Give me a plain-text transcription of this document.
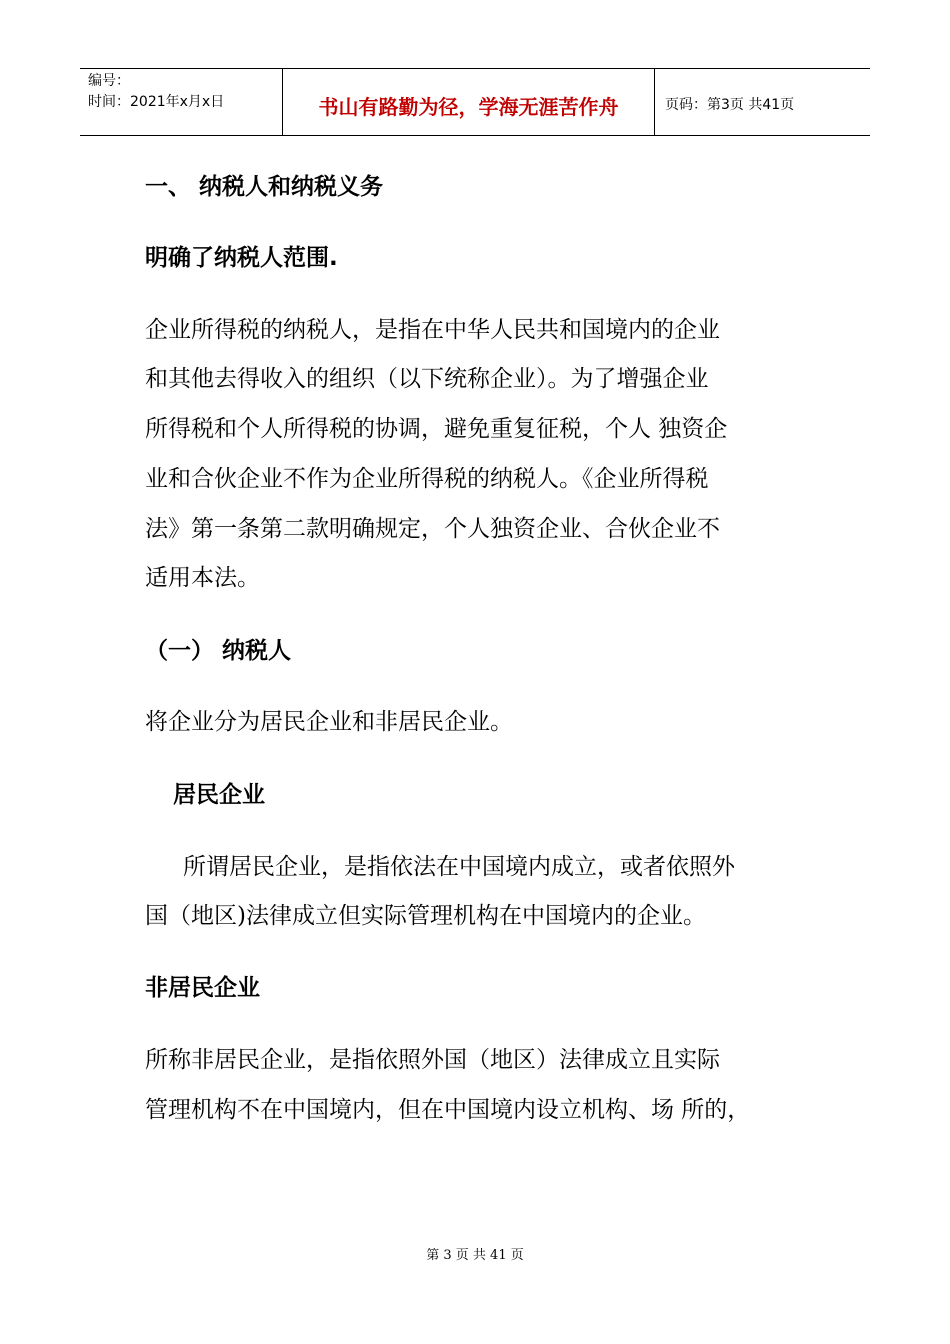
编号：
时间：2021年x月x日	书山有路勤为径，学海无涯苦作舟	页码：第3页 共41页
一、 纳税人和纳税义务
明确了纳税人范围.
企业所得税的纳税人，是指在中华人民共和国境内的企业
和其他去得收入的组织（以下统称企业）。为了增强企业
所得税和个人所得税的协调，避免重复征税，个人 独资企
业和合伙企业不作为企业所得税的纳税人。《企业所得税
法》第一条第二款明确规定，个人独资企业、合伙企业不
适用本法。
（一） 纳税人
将企业分为居民企业和非居民企业。
居民企业
所谓居民企业，是指依法在中国境内成立，或者依照外
国（地区)法律成立但实际管理机构在中国境内的企业。
非居民企业
所称非居民企业，是指依照外国（地区）法律成立且实际
管理机构不在中国境内，但在中国境内设立机构、场 所的，
第 3 页 共 41 页
